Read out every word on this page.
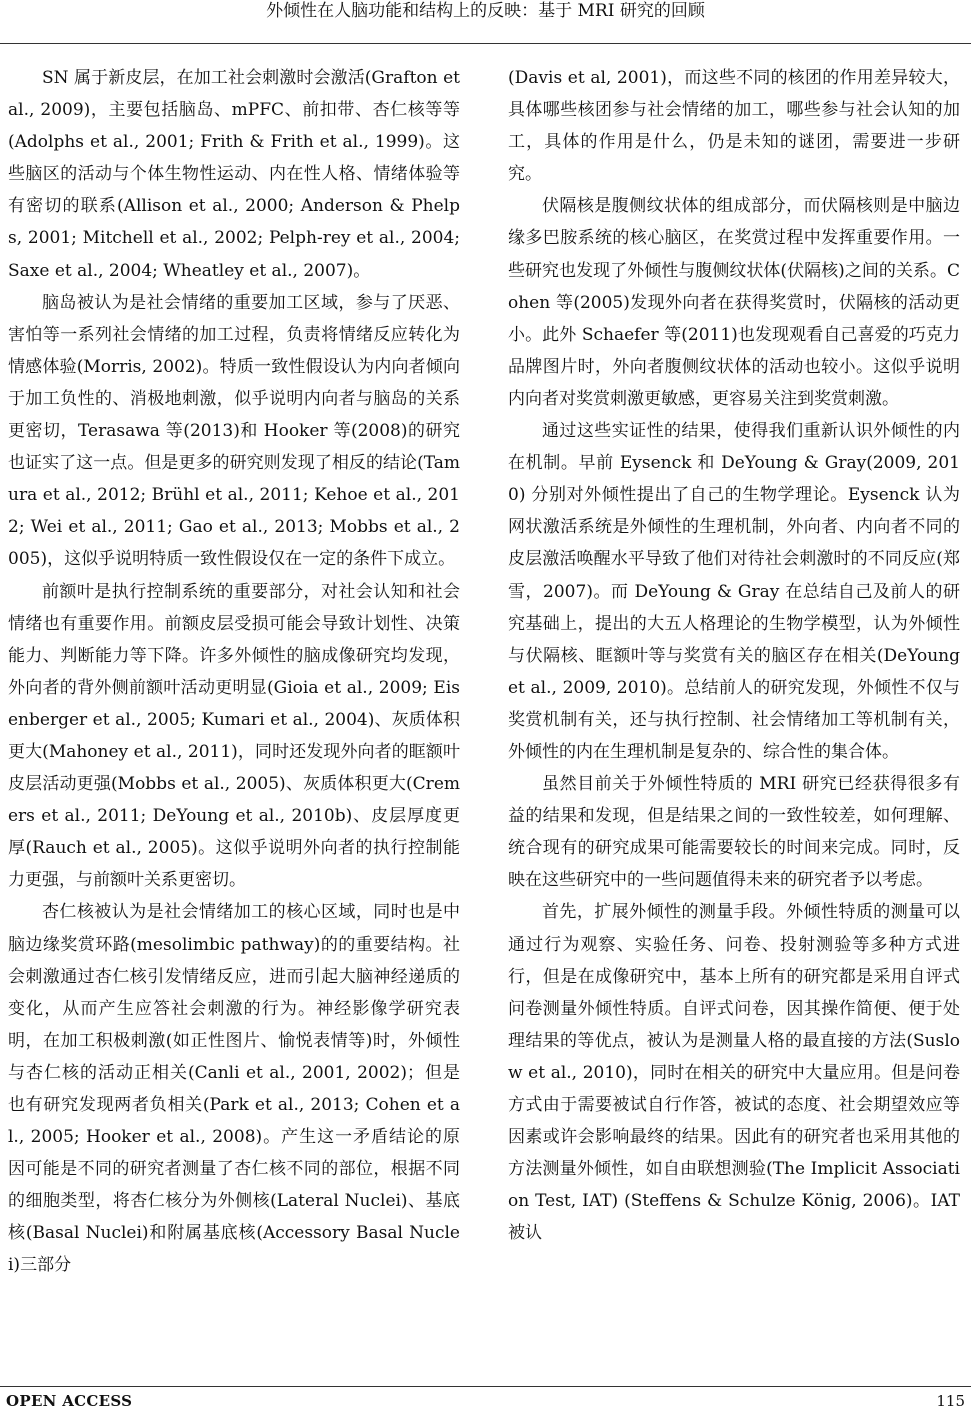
外倾性在人脑功能和结构上的反映：基于 MRI 研究的回顾

SN 属于新皮层，在加工社会刺激时会激活(Grafton et al., 2009)，主要包括脑岛、mPFC、前扣带、杏仁核等等(Adolphs et al., 2001; Frith & Frith et al., 1999)。这些脑区的活动与个体生物性运动、内在性人格、情绪体验等有密切的联系(Allison et al., 2000; Anderson & Phelps, 2001; Mitchell et al., 2002; Pelph-rey et al., 2004; Saxe et al., 2004; Wheatley et al., 2007)。

脑岛被认为是社会情绪的重要加工区域，参与了厌恶、害怕等一系列社会情绪的加工过程，负责将情绪反应转化为情感体验(Morris, 2002)。特质一致性假设认为内向者倾向于加工负性的、消极地刺激，似乎说明内向者与脑岛的关系更密切，Terasawa 等(2013)和 Hooker 等(2008)的研究也证实了这一点。但是更多的研究则发现了相反的结论(Tamura et al., 2012; Brühl et al., 2011; Kehoe et al., 2012; Wei et al., 2011; Gao et al., 2013; Mobbs et al., 2005)，这似乎说明特质一致性假设仅在一定的条件下成立。

前额叶是执行控制系统的重要部分，对社会认知和社会情绪也有重要作用。前额皮层受损可能会导致计划性、决策能力、判断能力等下降。许多外倾性的脑成像研究均发现，外向者的背外侧前额叶活动更明显(Gioia et al., 2009; Eisenberger et al., 2005; Kumari et al., 2004)、灰质体积更大(Mahoney et al., 2011)，同时还发现外向者的眶额叶皮层活动更强(Mobbs et al., 2005)、灰质体积更大(Cremers et al., 2011; DeYoung et al., 2010b)、皮层厚度更厚(Rauch et al., 2005)。这似乎说明外向者的执行控制能力更强，与前额叶关系更密切。

杏仁核被认为是社会情绪加工的核心区域，同时也是中脑边缘奖赏环路(mesolimbic pathway)的的重要结构。社会刺激通过杏仁核引发情绪反应，进而引起大脑神经递质的变化，从而产生应答社会刺激的行为。神经影像学研究表明，在加工积极刺激(如正性图片、愉悦表情等)时，外倾性与杏仁核的活动正相关(Canli et al., 2001, 2002)；但是也有研究发现两者负相关(Park et al., 2013; Cohen et al., 2005; Hooker et al., 2008)。产生这一矛盾结论的原因可能是不同的研究者测量了杏仁核不同的部位，根据不同的细胞类型，将杏仁核分为外侧核(Lateral Nuclei)、基底核(Basal Nuclei)和附属基底核(Accessory Basal Nuclei)三部分

(Davis et al, 2001)，而这些不同的核团的作用差异较大，具体哪些核团参与社会情绪的加工，哪些参与社会认知的加工，具体的作用是什么，仍是未知的谜团，需要进一步研究。

伏隔核是腹侧纹状体的组成部分，而伏隔核则是中脑边缘多巴胺系统的核心脑区，在奖赏过程中发挥重要作用。一些研究也发现了外倾性与腹侧纹状体(伏隔核)之间的关系。Cohen 等(2005)发现外向者在获得奖赏时，伏隔核的活动更小。此外 Schaefer 等(2011)也发现观看自己喜爱的巧克力品牌图片时，外向者腹侧纹状体的活动也较小。这似乎说明内向者对奖赏刺激更敏感，更容易关注到奖赏刺激。

通过这些实证性的结果，使得我们重新认识外倾性的内在机制。早前 Eysenck 和 DeYoung & Gray(2009, 2010) 分别对外倾性提出了自己的生物学理论。Eysenck 认为网状激活系统是外倾性的生理机制，外向者、内向者不同的皮层激活唤醒水平导致了他们对待社会刺激时的不同反应(郑雪，2007)。而 DeYoung & Gray 在总结自己及前人的研究基础上，提出的大五人格理论的生物学模型，认为外倾性与伏隔核、眶额叶等与奖赏有关的脑区存在相关(DeYoung et al., 2009, 2010)。总结前人的研究发现，外倾性不仅与奖赏机制有关，还与执行控制、社会情绪加工等机制有关，外倾性的内在生理机制是复杂的、综合性的集合体。

虽然目前关于外倾性特质的 MRI 研究已经获得很多有益的结果和发现，但是结果之间的一致性较差，如何理解、统合现有的研究成果可能需要较长的时间来完成。同时，反映在这些研究中的一些问题值得未来的研究者予以考虑。

首先，扩展外倾性的测量手段。外倾性特质的测量可以通过行为观察、实验任务、问卷、投射测验等多种方式进行，但是在成像研究中，基本上所有的研究都是采用自评式问卷测量外倾性特质。自评式问卷，因其操作简便、便于处理结果的等优点，被认为是测量人格的最直接的方法(Suslow et al., 2010)，同时在相关的研究中大量应用。但是问卷方式由于需要被试自行作答，被试的态度、社会期望效应等因素或许会影响最终的结果。因此有的研究者也采用其他的方法测量外倾性，如自由联想测验(The Implicit Association Test, IAT) (Steffens & Schulze König, 2006)。IAT 被认

OPEN ACCESS	115
